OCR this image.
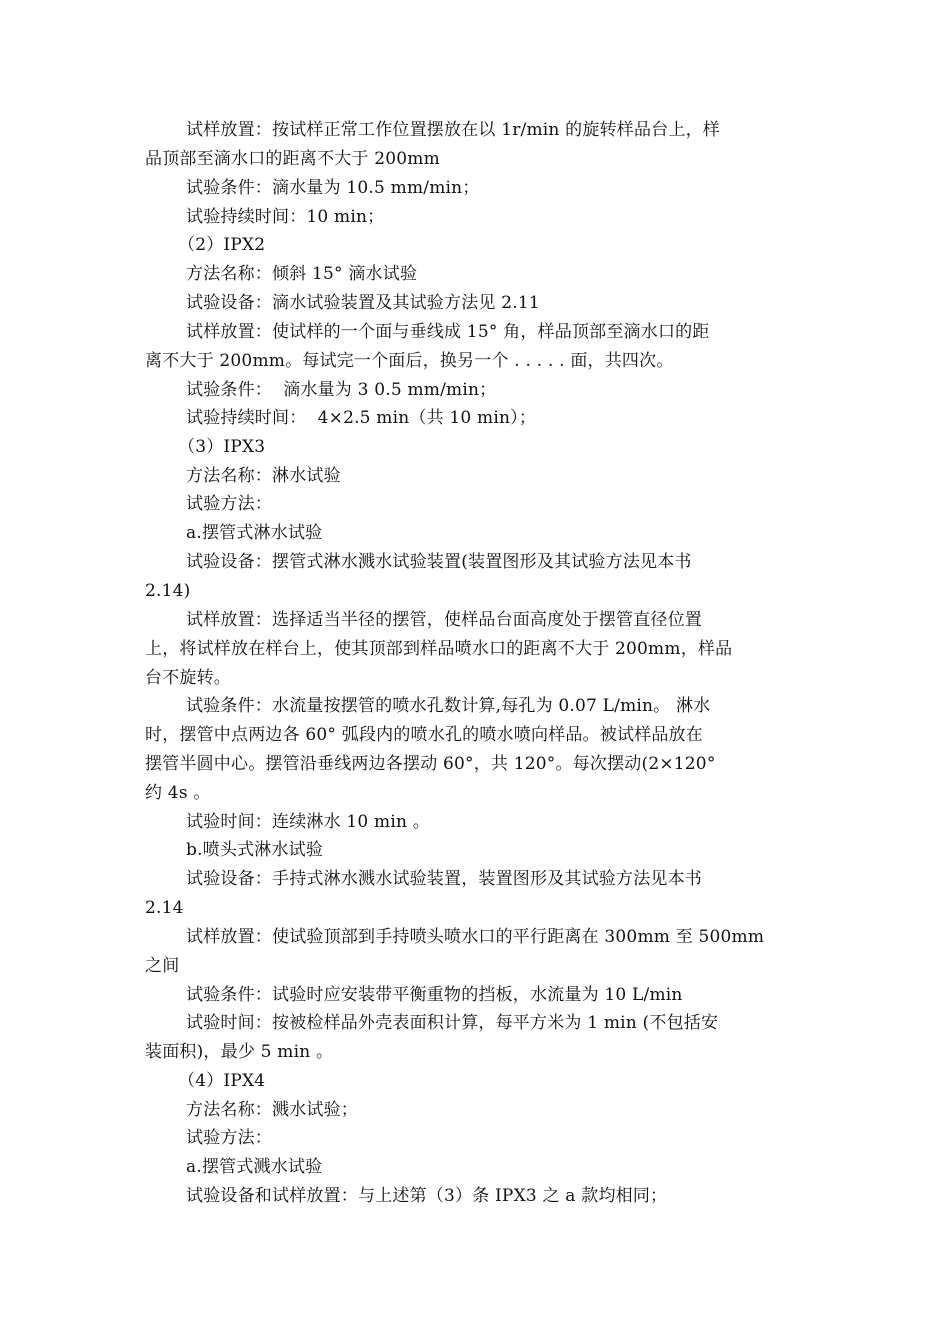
试样放置：按试样正常工作位置摆放在以 1r/min 的旋转样品台上，样
品顶部至滴水口的距离不大于 200mm
试验条件：滴水量为 10.5 mm/min；
试验持续时间：10 min；
（2）IPX2
方法名称：倾斜 15° 滴水试验
试验设备：滴水试验装置及其试验方法见 2.11
试样放置：使试样的一个面与垂线成 15° 角，样品顶部至滴水口的距
离不大于 200mm。每试完一个面后，换另一个 . . . . . 面，共四次。
试验条件：  滴水量为 3 0.5 mm/min；
试验持续时间：  4×2.5 min（共 10 min）；
（3）IPX3
方法名称：淋水试验
试验方法：
a.摆管式淋水试验
试验设备：摆管式淋水溅水试验装置(装置图形及其试验方法见本书
2.14)
试样放置：选择适当半径的摆管，使样品台面高度处于摆管直径位置
上，将试样放在样台上，使其顶部到样品喷水口的距离不大于 200mm，样品
台不旋转。
试验条件：水流量按摆管的喷水孔数计算,每孔为 0.07 L/min。 淋水
时，摆管中点两边各 60° 弧段内的喷水孔的喷水喷向样品。被试样品放在
摆管半圆中心。摆管沿垂线两边各摆动 60°，共 120°。每次摆动(2×120°
约 4s 。
试验时间：连续淋水 10 min 。
b.喷头式淋水试验
试验设备：手持式淋水溅水试验装置，装置图形及其试验方法见本书
2.14
试样放置：使试验顶部到手持喷头喷水口的平行距离在 300mm 至 500mm
之间
试验条件：试验时应安装带平衡重物的挡板，水流量为 10 L/min
试验时间：按被检样品外壳表面积计算，每平方米为 1 min (不包括安
装面积)，最少 5 min 。
（4）IPX4
方法名称：溅水试验；
试验方法：
a.摆管式溅水试验
试验设备和试样放置：与上述第（3）条 IPX3 之 a 款均相同；
